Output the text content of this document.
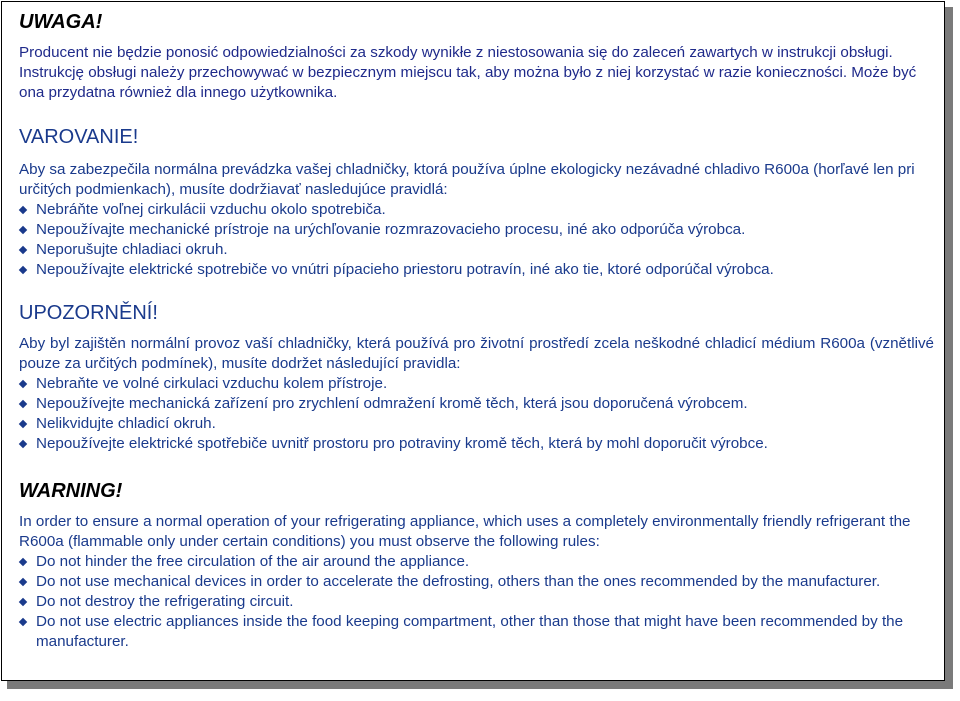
UWAGA!

Producent nie będzie ponosić odpowiedzialności za szkody wynikłe z niestosowania się do zaleceń zawartych w instrukcji obsługi. Instrukcję obsługi należy przechowywać w bezpiecznym miejscu tak, aby można było z niej korzystać w razie konieczności. Może być ona przydatna również dla innego użytkownika.

VAROVANIE!

Aby sa zabezpečila normálna prevádzka vašej chladničky, ktorá používa úplne ekologicky nezávadné chladivo R600a (horľavé len pri určitých podmienkach), musíte dodržiavať nasledujúce pravidlá:

Nebráňte voľnej cirkulácii vzduchu okolo spotrebiča.
Nepoužívajte mechanické prístroje na urýchľovanie rozmrazovacieho procesu, iné ako odporúča výrobca.
Neporušujte chladiaci okruh.
Nepoužívajte elektrické spotrebiče vo vnútri pípacieho priestoru potravín, iné ako tie, ktoré odporúčal výrobca.
UPOZORNĚNÍ!

Aby byl zajištěn normální provoz vaší chladničky, která používá pro životní prostředí zcela neškodné chladicí médium R600a (vznětlivé pouze za určitých podmínek), musíte dodržet následující pravidla:

Nebraňte ve volné cirkulaci vzduchu kolem přístroje.
Nepoužívejte mechanická zařízení pro zrychlení odmražení kromě těch, která jsou doporučená výrobcem.
Nelikvidujte chladicí okruh.
Nepoužívejte elektrické spotřebiče uvnitř prostoru pro potraviny kromě těch, která by mohl doporučit výrobce.
WARNING!

In order to ensure a normal operation of your refrigerating appliance, which uses a completely environmentally friendly refrigerant the R600a (flammable only under certain conditions) you must observe the following rules:

Do not hinder the free circulation of the air around the appliance.
Do not use mechanical devices in order to accelerate the defrosting, others than the ones recommended by the manufacturer.
Do not destroy the refrigerating circuit.
Do not use electric appliances inside the food keeping compartment, other than those that might have been recommended by the manufacturer.
